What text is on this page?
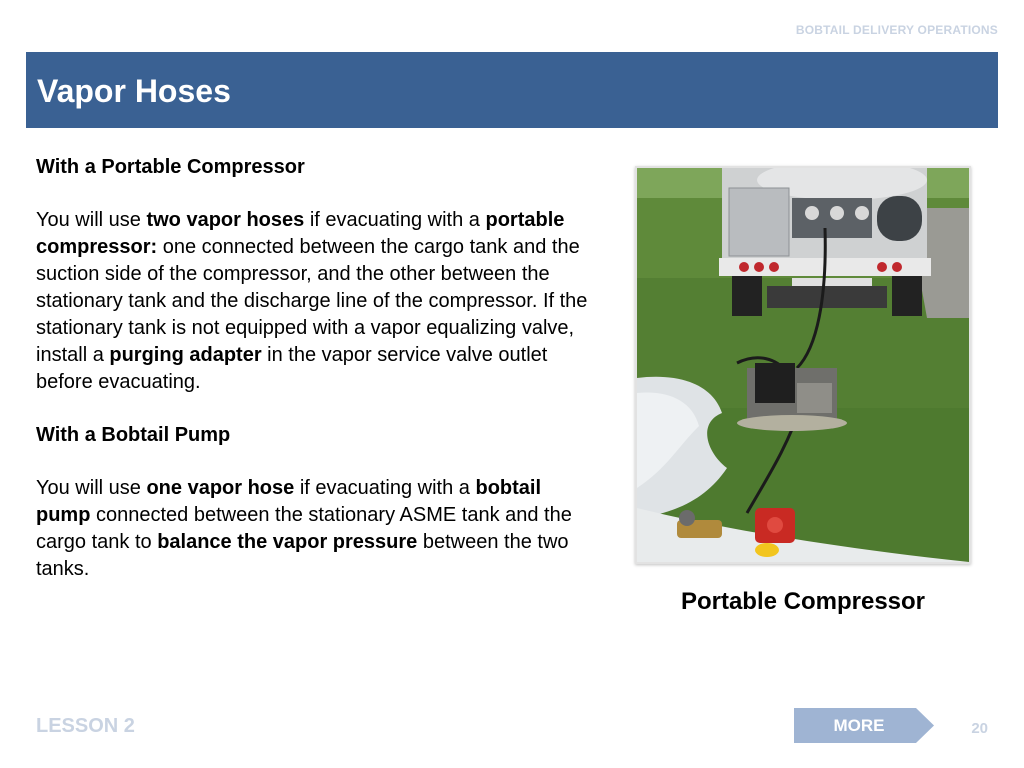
BOBTAIL DELIVERY OPERATIONS
Vapor Hoses

With a Portable Compressor

You will use two vapor hoses if evacuating with a portable compressor: one connected between the cargo tank and the suction side of the compressor, and the other between the stationary tank and the discharge line of the compressor. If the stationary tank is not equipped with a vapor equalizing valve, install a purging adapter in the vapor service valve outlet before evacuating.

With a Bobtail Pump

You will use one vapor hose if evacuating with a bobtail pump connected between the stationary ASME tank and the cargo tank to balance the vapor pressure between the two tanks.

Portable Compressor
LESSON 2	MORE	20
